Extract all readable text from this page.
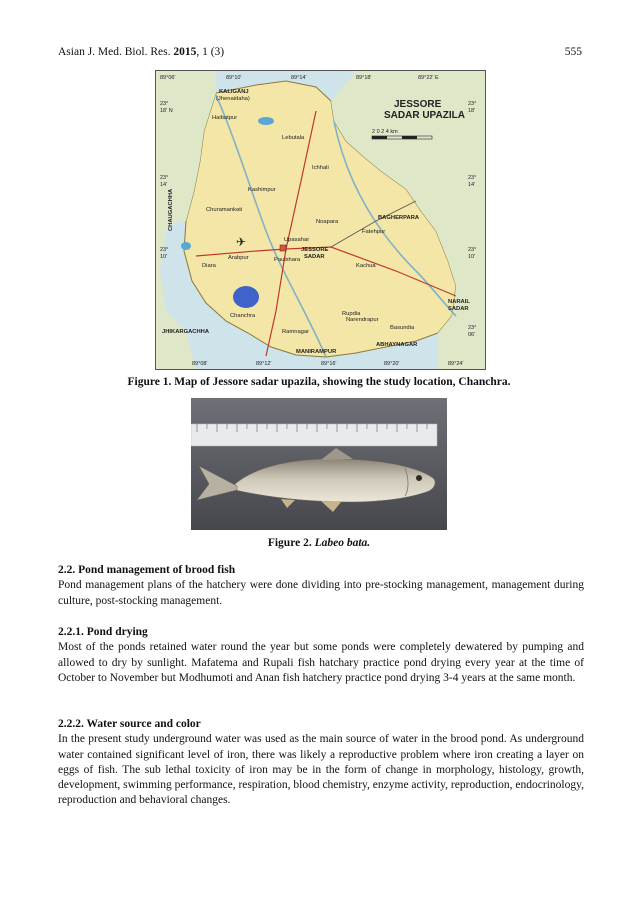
Asian J. Med. Biol. Res. 2015, 1 (3)	555
✈
JESSORE
SADAR UPAZILA
2 0 2 4 km
89°06'	89°10'	89°14'	89°18'	89°22' E
89°08'	89°12'	89°16'	89°20'	89°24'
23°
18' N
23°
14'
23°
10'
23°
18'
23°
14'
23°
10'
23°
06'
KALIGANJ
(Jhenaidaha)
Haibatpur
Lebutala
Churamankati
Kashimpur
Ichhali
BAGHERPARA
Noapara
Fatehpur
Upasahar
JESSORE
SADAR
Arabpur
Diara	Kachua
Chanchra
Ramnagar
Narendrapur
Basundia
NARAIL
SADAR
JHIKARGACHHA
MANIRAMPUR
ABHAYNAGAR
CHAUGACHHA
Paulshara
Rupdia
Figure 1. Map of Jessore sadar upazila, showing the study location, Chanchra.
Figure 2. Labeo bata.
2.2. Pond management of brood fish

Pond management plans of the hatchery were done dividing into pre-stocking management, management during culture, post-stocking management.

2.2.1. Pond drying

Most of the ponds retained water round the year but some ponds were completely dewatered by pumping and allowed to dry by sunlight. Mafatema and Rupali fish hatchary practice pond drying every year at the time of October to November but Modhumoti and Anan fish hatchery practice pond drying 3-4 years at the same month.

2.2.2. Water source and color

In the present study underground water was used as the main source of water in the brood pond. As underground water contained significant level of iron, there was likely a reproductive problem where iron creating a layer on eggs of fish. The sub lethal toxicity of iron may be in the form of change in morphology, histology, growth, development, swimming performance, respiration, blood chemistry, enzyme activity, reproduction, endocrinology, reproduction and behavioral changes.
